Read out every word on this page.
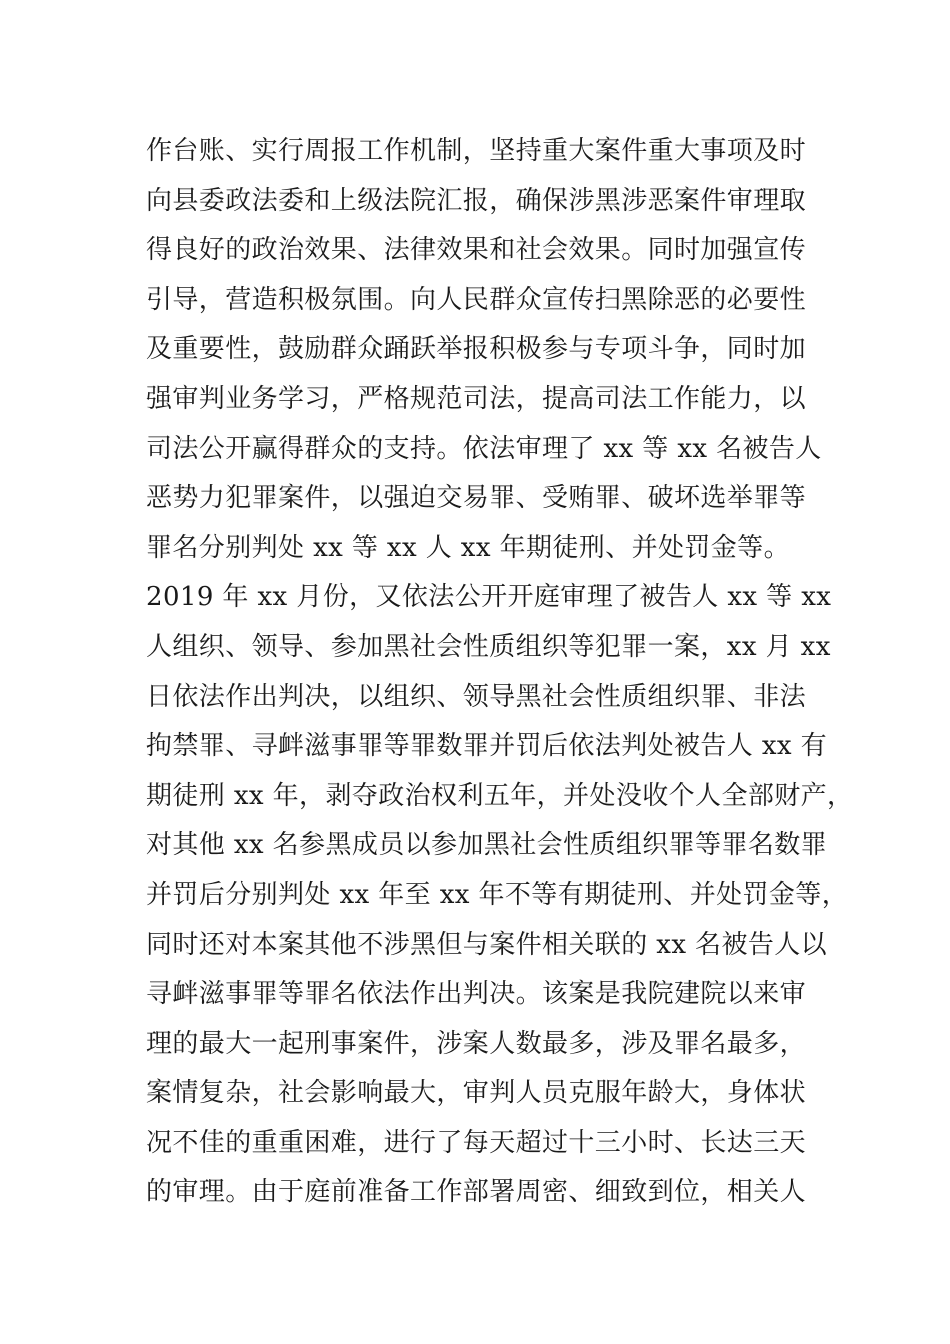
作台账、实行周报工作机制，坚持重大案件重大事项及时
向县委政法委和上级法院汇报，确保涉黑涉恶案件审理取
得良好的政治效果、法律效果和社会效果。同时加强宣传
引导，营造积极氛围。向人民群众宣传扫黑除恶的必要性
及重要性，鼓励群众踊跃举报积极参与专项斗争，同时加
强审判业务学习，严格规范司法，提高司法工作能力，以
司法公开赢得群众的支持。依法审理了 xx 等 xx 名被告人
恶势力犯罪案件，以强迫交易罪、受贿罪、破坏选举罪等
罪名分别判处 xx 等 xx 人 xx 年期徒刑、并处罚金等。
2019 年 xx 月份，又依法公开开庭审理了被告人 xx 等 xx
人组织、领导、参加黑社会性质组织等犯罪一案，xx 月 xx
日依法作出判决，以组织、领导黑社会性质组织罪、非法
拘禁罪、寻衅滋事罪等罪数罪并罚后依法判处被告人 xx 有
期徒刑 xx 年，剥夺政治权利五年，并处没收个人全部财产，
对其他 xx 名参黑成员以参加黑社会性质组织罪等罪名数罪
并罚后分别判处 xx 年至 xx 年不等有期徒刑、并处罚金等，
同时还对本案其他不涉黑但与案件相关联的 xx 名被告人以
寻衅滋事罪等罪名依法作出判决。该案是我院建院以来审
理的最大一起刑事案件，涉案人数最多，涉及罪名最多，
案情复杂，社会影响最大，审判人员克服年龄大，身体状
况不佳的重重困难，进行了每天超过十三小时、长达三天
的审理。由于庭前准备工作部署周密、细致到位，相关人
